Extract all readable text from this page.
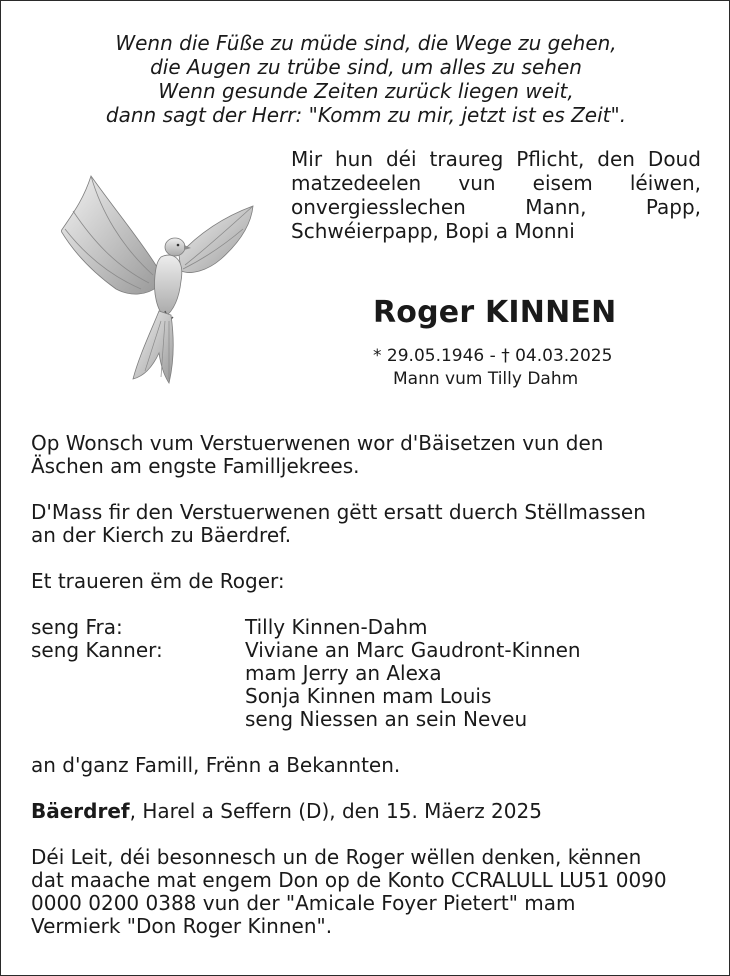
Wenn die Füße zu müde sind, die Wege zu gehen,
die Augen zu trübe sind, um alles zu sehen
Wenn gesunde Zeiten zurück liegen weit,
dann sagt der Herr: "Komm zu mir, jetzt ist es Zeit".
Mir hun déi traureg Pflicht, den Doud
matzedeelen vun eisem léiwen,
onvergiesslechen	Mann,	Papp,
Schwéierpapp, Bopi a Monni
Roger KINNEN
* 29.05.1946 - † 04.03.2025
Mann vum Tilly Dahm

Op Wonsch vum Verstuerwenen wor d'Bäisetzen vun den

Äschen am engste Familljekrees.

D'Mass fir den Verstuerwenen gëtt ersatt duerch Stëllmassen

an der Kierch zu Bäerdref.

Et traueren ëm de Roger:

seng Fra:	Tilly Kinnen-Dahm
seng Kanner:	Viviane an Marc Gaudront-Kinnen
mam Jerry an Alexa
Sonja Kinnen mam Louis
seng Niessen an sein Neveu

an d'ganz Famill, Frënn a Bekannten.

Bäerdref, Harel a Seffern (D), den 15. Mäerz 2025

Déi Leit, déi besonnesch un de Roger wëllen denken, kënnen

dat maache mat engem Don op de Konto CCRALULL LU51 0090

0000 0200 0388 vun der "Amicale Foyer Pietert" mam

Vermierk "Don Roger Kinnen".
